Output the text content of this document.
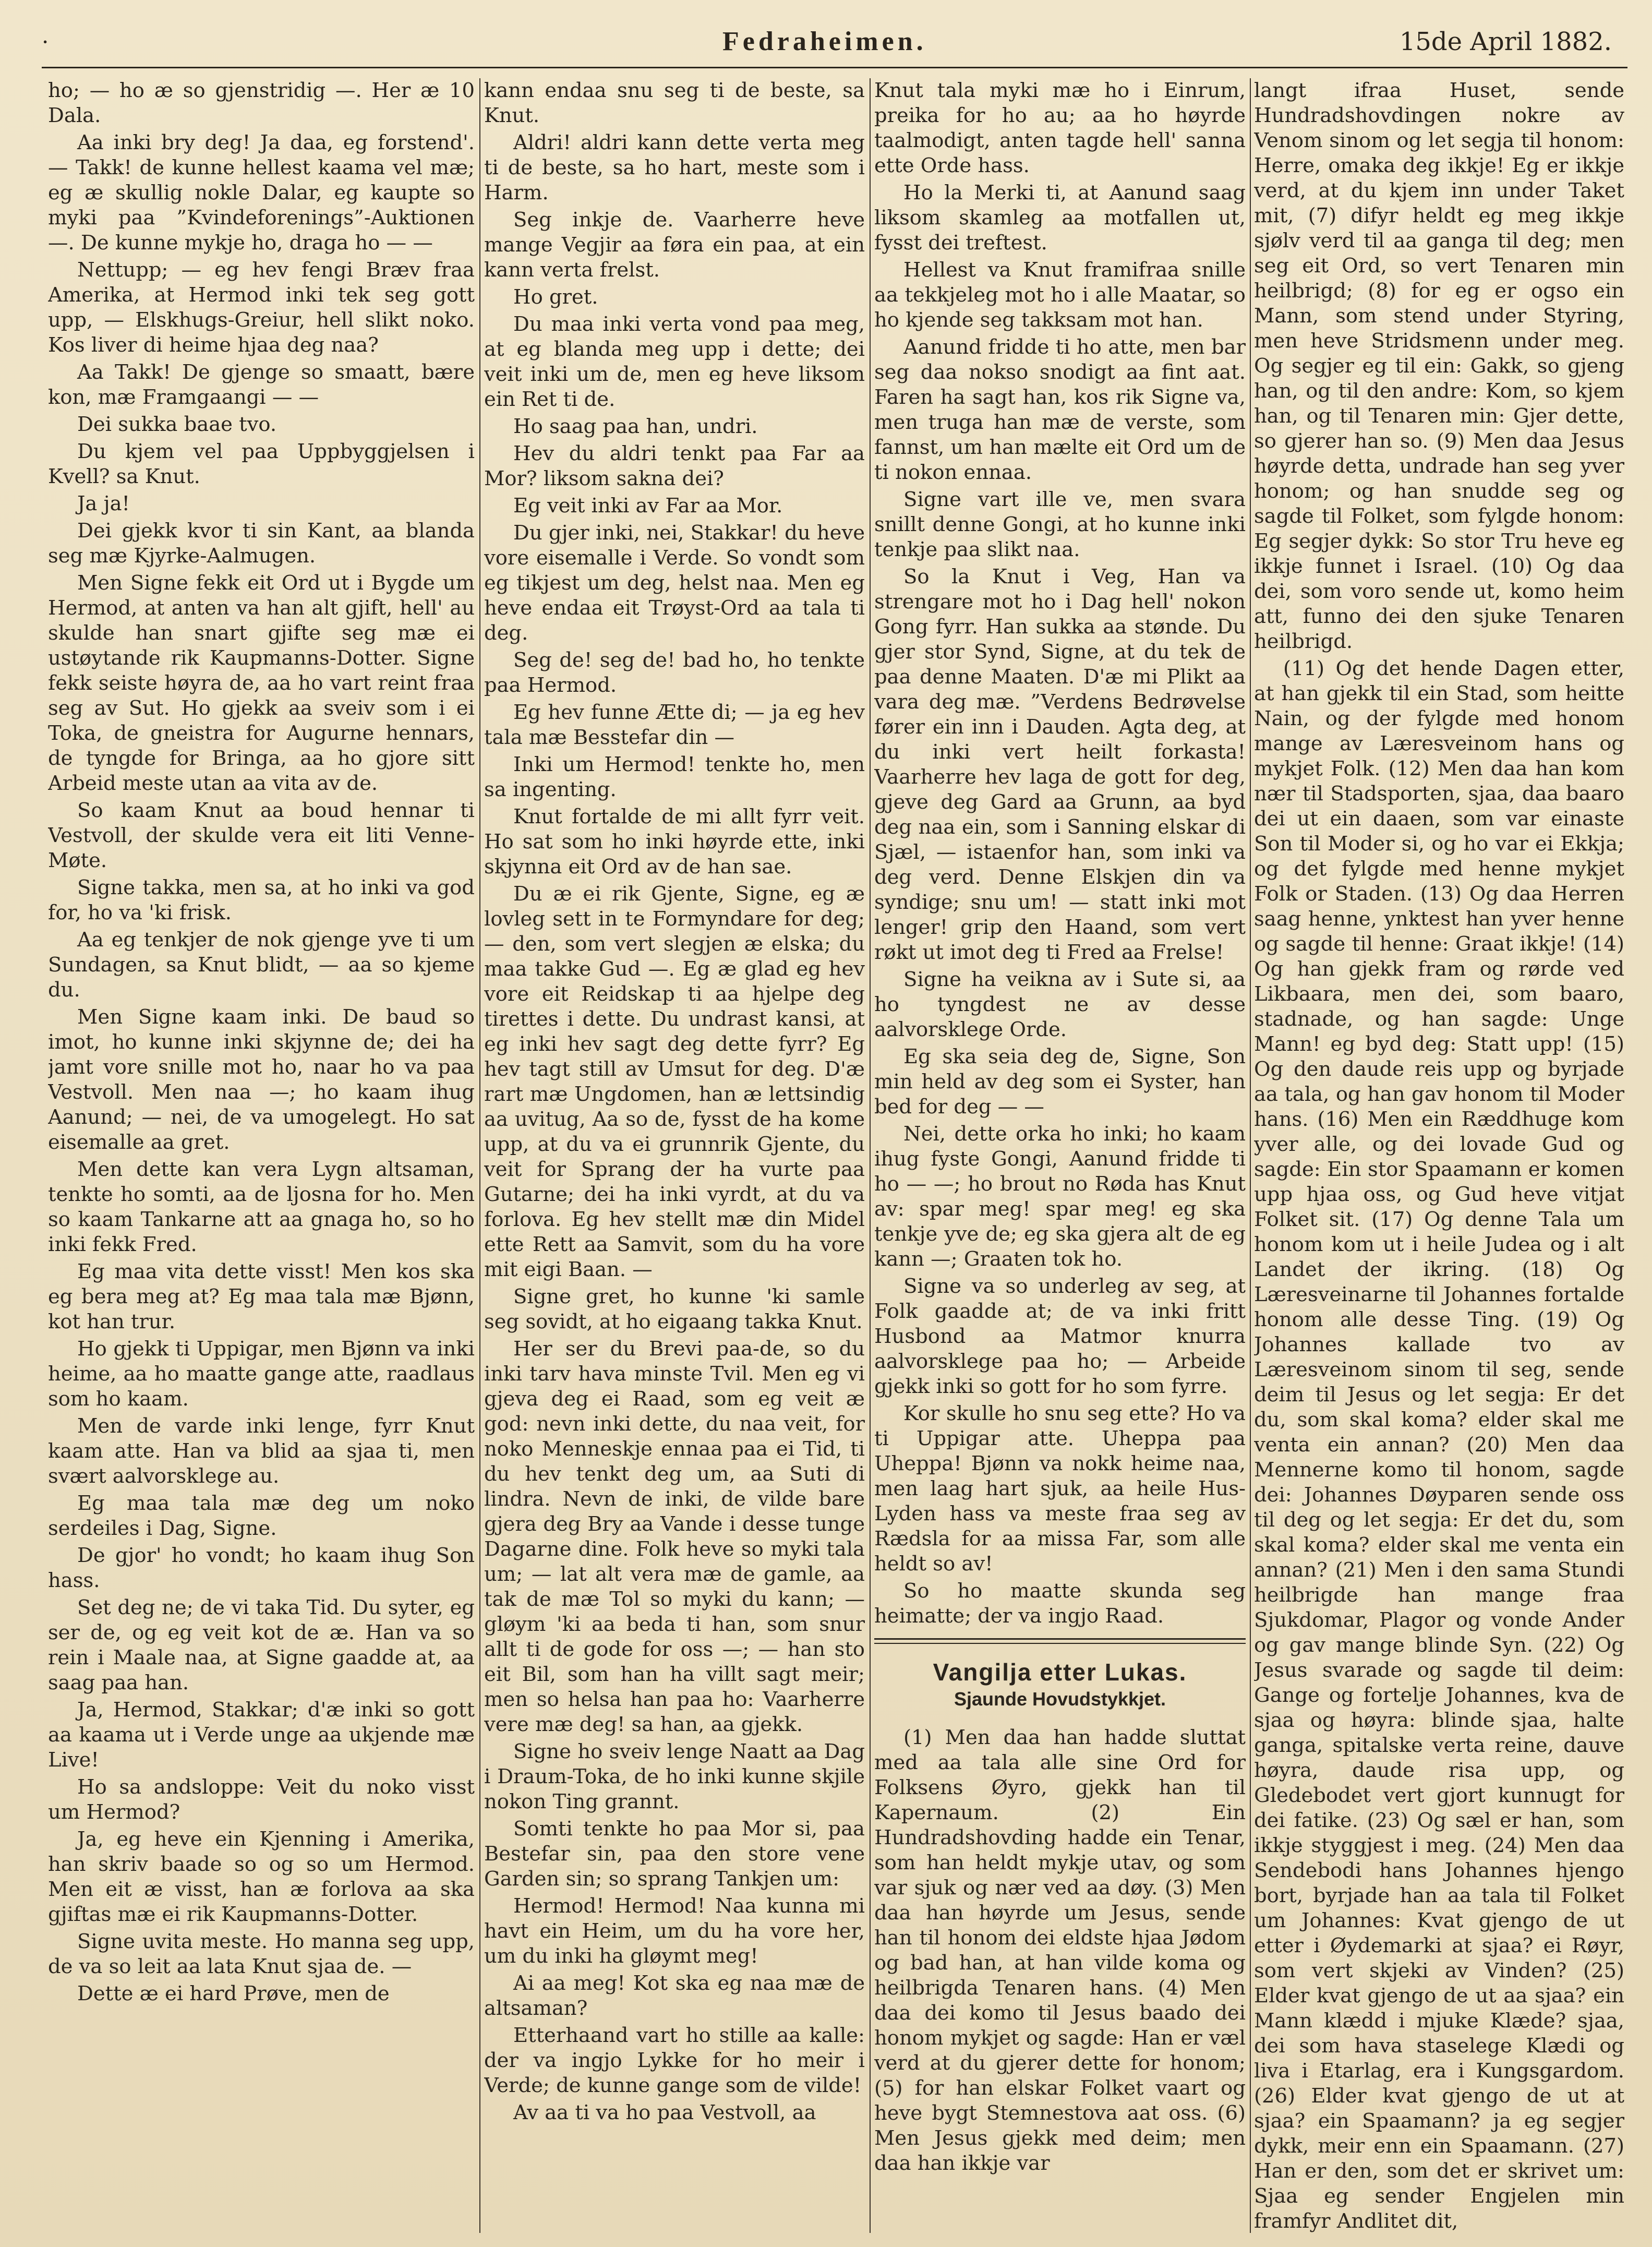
·	Fedraheimen.	15de April 1882.

ho; — ho æ so gjenstridig —. Her æ 10 Dala.

Aa inki bry deg! Ja daa, eg forstend'. — Takk! de kunne hellest kaama vel mæ; eg æ skullig nokle Dalar, eg kaupte so myki paa ”Kvindeforenings”-Auktionen —. De kunne mykje ho, draga ho — —

Nettupp; — eg hev fengi Bræv fraa Amerika, at Hermod inki tek seg gott upp, — Elskhugs-Greiur, hell slikt noko. Kos liver di heime hjaa deg naa?

Aa Takk! De gjenge so smaatt, bære kon, mæ Framgaangi — —

Dei sukka baae tvo.

Du kjem vel paa Uppbyggjelsen i Kvell? sa Knut.

Ja ja!

Dei gjekk kvor ti sin Kant, aa blanda seg mæ Kjyrke-Aalmugen.

Men Signe fekk eit Ord ut i Bygde um Hermod, at anten va han alt gjift, hell' au skulde han snart gjifte seg mæ ei ustøytande rik Kaupmanns-Dotter. Signe fekk seiste høyra de, aa ho vart reint fraa seg av Sut. Ho gjekk aa sveiv som i ei Toka, de gneistra for Augurne hennars, de tyngde for Bringa, aa ho gjore sitt Arbeid meste utan aa vita av de.

So kaam Knut aa boud hennar ti Vestvoll, der skulde vera eit liti Venne-Møte.

Signe takka, men sa, at ho inki va god for, ho va 'ki frisk.

Aa eg tenkjer de nok gjenge yve ti um Sundagen, sa Knut blidt, — aa so kjeme du.

Men Signe kaam inki. De baud so imot, ho kunne inki skjynne de; dei ha jamt vore snille mot ho, naar ho va paa Vestvoll. Men naa —; ho kaam ihug Aanund; — nei, de va umogelegt. Ho sat eisemalle aa gret.

Men dette kan vera Lygn altsaman, tenkte ho somti, aa de ljosna for ho. Men so kaam Tankarne att aa gnaga ho, so ho inki fekk Fred.

Eg maa vita dette visst! Men kos ska eg bera meg at? Eg maa tala mæ Bjønn, kot han trur.

Ho gjekk ti Uppigar, men Bjønn va inki heime, aa ho maatte gange atte, raadlaus som ho kaam.

Men de varde inki lenge, fyrr Knut kaam atte. Han va blid aa sjaa ti, men svært aalvorsklege au.

Eg maa tala mæ deg um noko serdeiles i Dag, Signe.

De gjor' ho vondt; ho kaam ihug Son hass.

Set deg ne; de vi taka Tid. Du syter, eg ser de, og eg veit kot de æ. Han va so rein i Maale naa, at Signe gaadde at, aa saag paa han.

Ja, Hermod, Stakkar; d'æ inki so gott aa kaama ut i Verde unge aa ukjende mæ Live!

Ho sa andsloppe: Veit du noko visst um Hermod?

Ja, eg heve ein Kjenning i Amerika, han skriv baade so og so um Hermod. Men eit æ visst, han æ forlova aa ska gjiftas mæ ei rik Kaupmanns-Dotter.

Signe uvita meste. Ho manna seg upp, de va so leit aa lata Knut sjaa de. —

Dette æ ei hard Prøve, men de

kann endaa snu seg ti de beste, sa Knut.

Aldri! aldri kann dette verta meg ti de beste, sa ho hart, meste som i Harm.

Seg inkje de. Vaarherre heve mange Vegjir aa føra ein paa, at ein kann verta frelst.

Ho gret.

Du maa inki verta vond paa meg, at eg blanda meg upp i dette; dei veit inki um de, men eg heve liksom ein Ret ti de.

Ho saag paa han, undri.

Hev du aldri tenkt paa Far aa Mor? liksom sakna dei?

Eg veit inki av Far aa Mor.

Du gjer inki, nei, Stakkar! du heve vore eisemalle i Verde. So vondt som eg tikjest um deg, helst naa. Men eg heve endaa eit Trøyst-Ord aa tala ti deg.

Seg de! seg de! bad ho, ho tenkte paa Hermod.

Eg hev funne Ætte di; — ja eg hev tala mæ Besstefar din —

Inki um Hermod! tenkte ho, men sa ingenting.

Knut fortalde de mi allt fyrr veit. Ho sat som ho inki høyrde ette, inki skjynna eit Ord av de han sae.

Du æ ei rik Gjente, Signe, eg æ lovleg sett in te Formyndare for deg; — den, som vert slegjen æ elska; du maa takke Gud —. Eg æ glad eg hev vore eit Reidskap ti aa hjelpe deg tirettes i dette. Du undrast kansi, at eg inki hev sagt deg dette fyrr? Eg hev tagt still av Umsut for deg. D'æ rart mæ Ungdomen, han æ lettsindig aa uvitug, Aa so de, fysst de ha kome upp, at du va ei grunnrik Gjente, du veit for Sprang der ha vurte paa Gutarne; dei ha inki vyrdt, at du va forlova. Eg hev stellt mæ din Midel ette Rett aa Samvit, som du ha vore mit eigi Baan. —

Signe gret, ho kunne 'ki samle seg sovidt, at ho eigaang takka Knut.

Her ser du Brevi paa-de, so du inki tarv hava minste Tvil. Men eg vi gjeva deg ei Raad, som eg veit æ god: nevn inki dette, du naa veit, for noko Menneskje ennaa paa ei Tid, ti du hev tenkt deg um, aa Suti di lindra. Nevn de inki, de vilde bare gjera deg Bry aa Vande i desse tunge Dagarne dine. Folk heve so myki tala um; — lat alt vera mæ de gamle, aa tak de mæ Tol so myki du kann; — gløym 'ki aa beda ti han, som snur allt ti de gode for oss —; — han sto eit Bil, som han ha villt sagt meir; men so helsa han paa ho: Vaarherre vere mæ deg! sa han, aa gjekk.

Signe ho sveiv lenge Naatt aa Dag i Draum-Toka, de ho inki kunne skjile nokon Ting grannt.

Somti tenkte ho paa Mor si, paa Bestefar sin, paa den store vene Garden sin; so sprang Tankjen um:

Hermod! Hermod! Naa kunna mi havt ein Heim, um du ha vore her, um du inki ha gløymt meg!

Ai aa meg! Kot ska eg naa mæ de altsaman?

Etterhaand vart ho stille aa kalle: der va ingjo Lykke for ho meir i Verde; de kunne gange som de vilde!

Av aa ti va ho paa Vestvoll, aa

Knut tala myki mæ ho i Einrum, preika for ho au; aa ho høyrde taalmodigt, anten tagde hell' sanna ette Orde hass.

Ho la Merki ti, at Aanund saag liksom skamleg aa motfallen ut, fysst dei treftest.

Hellest va Knut framifraa snille aa tekkjeleg mot ho i alle Maatar, so ho kjende seg takksam mot han.

Aanund fridde ti ho atte, men bar seg daa nokso snodigt aa fint aat. Faren ha sagt han, kos rik Signe va, men truga han mæ de verste, som fannst, um han mælte eit Ord um de ti nokon ennaa.

Signe vart ille ve, men svara snillt denne Gongi, at ho kunne inki tenkje paa slikt naa.

So la Knut i Veg, Han va strengare mot ho i Dag hell' nokon Gong fyrr. Han sukka aa stønde. Du gjer stor Synd, Signe, at du tek de paa denne Maaten. D'æ mi Plikt aa vara deg mæ. ”Verdens Bedrøvelse fører ein inn i Dauden. Agta deg, at du inki vert heilt forkasta! Vaarherre hev laga de gott for deg, gjeve deg Gard aa Grunn, aa byd deg naa ein, som i Sanning elskar di Sjæl, — istaenfor han, som inki va deg verd. Denne Elskjen din va syndige; snu um! — statt inki mot lenger! grip den Haand, som vert røkt ut imot deg ti Fred aa Frelse!

Signe ha veikna av i Sute si, aa ho tyngdest ne av desse aalvorsklege Orde.

Eg ska seia deg de, Signe, Son min held av deg som ei Syster, han bed for deg — —

Nei, dette orka ho inki; ho kaam ihug fyste Gongi, Aanund fridde ti ho — —; ho brout no Røda has Knut av: spar meg! spar meg! eg ska tenkje yve de; eg ska gjera alt de eg kann —; Graaten tok ho.

Signe va so underleg av seg, at Folk gaadde at; de va inki fritt Husbond aa Matmor knurra aalvorsklege paa ho; — Arbeide gjekk inki so gott for ho som fyrre.

Kor skulle ho snu seg ette? Ho va ti Uppigar atte. Uheppa paa Uheppa! Bjønn va nokk heime naa, men laag hart sjuk, aa heile Hus-Lyden hass va meste fraa seg av Rædsla for aa missa Far, som alle heldt so av!

So ho maatte skunda seg heimatte; der va ingjo Raad.

Vangilja etter Lukas.
Sjaunde Hovudstykkjet.

(1) Men daa han hadde sluttat med aa tala alle sine Ord for Folksens Øyro, gjekk han til Kapernaum. (2) Ein Hundradshovding hadde ein Tenar, som han heldt mykje utav, og som var sjuk og nær ved aa døy. (3) Men daa han høyrde um Jesus, sende han til honom dei eldste hjaa Jødom og bad han, at han vilde koma og heilbrigda Tenaren hans. (4) Men daa dei komo til Jesus baado dei honom mykjet og sagde: Han er væl verd at du gjerer dette for honom; (5) for han elskar Folket vaart og heve bygt Stemnestova aat oss. (6) Men Jesus gjekk med deim; men daa han ikkje var

langt ifraa Huset, sende Hundradshovdingen nokre av Venom sinom og let segja til honom: Herre, omaka deg ikkje! Eg er ikkje verd, at du kjem inn under Taket mit, (7) difyr heldt eg meg ikkje sjølv verd til aa ganga til deg; men seg eit Ord, so vert Tenaren min heilbrigd; (8) for eg er ogso ein Mann, som stend under Styring, men heve Stridsmenn under meg. Og segjer eg til ein: Gakk, so gjeng han, og til den andre: Kom, so kjem han, og til Tenaren min: Gjer dette, so gjerer han so. (9) Men daa Jesus høyrde detta, undrade han seg yver honom; og han snudde seg og sagde til Folket, som fylgde honom: Eg segjer dykk: So stor Tru heve eg ikkje funnet i Israel. (10) Og daa dei, som voro sende ut, komo heim att, funno dei den sjuke Tenaren heilbrigd.

(11) Og det hende Dagen etter, at han gjekk til ein Stad, som heitte Nain, og der fylgde med honom mange av Læresveinom hans og mykjet Folk. (12) Men daa han kom nær til Stadsporten, sjaa, daa baaro dei ut ein daaen, som var einaste Son til Moder si, og ho var ei Ekkja; og det fylgde med henne mykjet Folk or Staden. (13) Og daa Herren saag henne, ynktest han yver henne og sagde til henne: Graat ikkje! (14) Og han gjekk fram og rørde ved Likbaara, men dei, som baaro, stadnade, og han sagde: Unge Mann! eg byd deg: Statt upp! (15) Og den daude reis upp og byrjade aa tala, og han gav honom til Moder hans. (16) Men ein Ræddhuge kom yver alle, og dei lovade Gud og sagde: Ein stor Spaamann er komen upp hjaa oss, og Gud heve vitjat Folket sit. (17) Og denne Tala um honom kom ut i heile Judea og i alt Landet der ikring. (18) Og Læresveinarne til Johannes fortalde honom alle desse Ting. (19) Og Johannes kallade tvo av Læresveinom sinom til seg, sende deim til Jesus og let segja: Er det du, som skal koma? elder skal me venta ein annan? (20) Men daa Mennerne komo til honom, sagde dei: Johannes Døyparen sende oss til deg og let segja: Er det du, som skal koma? elder skal me venta ein annan? (21) Men i den sama Stundi heilbrigde han mange fraa Sjukdomar, Plagor og vonde Ander og gav mange blinde Syn. (22) Og Jesus svarade og sagde til deim: Gange og fortelje Johannes, kva de sjaa og høyra: blinde sjaa, halte ganga, spitalske verta reine, dauve høyra, daude risa upp, og Gledebodet vert gjort kunnugt for dei fatike. (23) Og sæl er han, som ikkje styggjest i meg. (24) Men daa Sendebodi hans Johannes hjengo bort, byrjade han aa tala til Folket um Johannes: Kvat gjengo de ut etter i Øydemarki at sjaa? ei Røyr, som vert skjeki av Vinden? (25) Elder kvat gjengo de ut aa sjaa? ein Mann klædd i mjuke Klæde? sjaa, dei som hava staselege Klædi og liva i Etarlag, era i Kungsgardom. (26) Elder kvat gjengo de ut at sjaa? ein Spaamann? ja eg segjer dykk, meir enn ein Spaamann. (27) Han er den, som det er skrivet um: Sjaa eg sender Engjelen min framfyr Andlitet dit,
